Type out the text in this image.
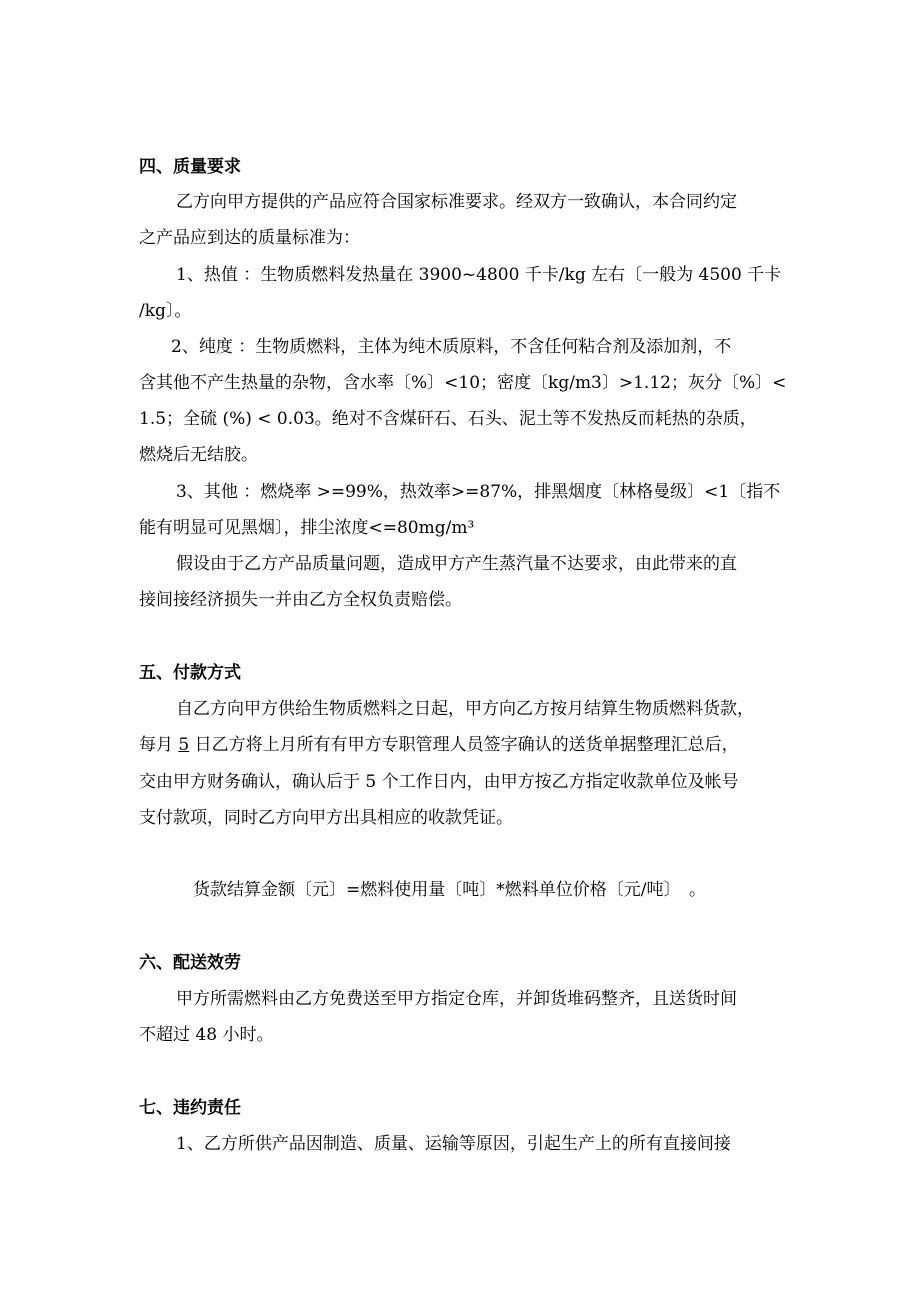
四、质量要求
乙方向甲方提供的产品应符合国家标准要求。经双方一致确认，本合同约定
之产品应到达的质量标准为：
1、热值 ：生物质燃料发热量在 3900~4800 千卡/kg 左右〔一般为 4500 千卡
/kg〕。
2、纯度 ：生物质燃料，主体为纯木质原料，不含任何粘合剂及添加剂，不
含其他不产生热量的杂物，含水率〔%〕<10；密度〔kg/m3〕>1.12；灰分〔%〕<
1.5；全硫 (%) < 0.03。绝对不含煤矸石、石头、泥土等不发热反而耗热的杂质，
燃烧后无结胶。
3、其他 ：燃烧率 >=99%，热效率>=87%，排黑烟度〔林格曼级〕<1〔指不
能有明显可见黑烟〕，排尘浓度<=80mg/m³
假设由于乙方产品质量问题，造成甲方产生蒸汽量不达要求，由此带来的直
接间接经济损失一并由乙方全权负责赔偿。
五、付款方式
自乙方向甲方供给生物质燃料之日起，甲方向乙方按月结算生物质燃料货款，
每月 5 日乙方将上月所有有甲方专职管理人员签字确认的送货单据整理汇总后，
交由甲方财务确认，确认后于 5 个工作日内，由甲方按乙方指定收款单位及帐号
支付款项，同时乙方向甲方出具相应的收款凭证。
货款结算金额〔元〕=燃料使用量〔吨〕*燃料单位价格〔元/吨〕　。
六、配送效劳
甲方所需燃料由乙方免费送至甲方指定仓库，并卸货堆码整齐，且送货时间
不超过 48 小时。
七、违约责任
1、乙方所供产品因制造、质量、运输等原因，引起生产上的所有直接间接
